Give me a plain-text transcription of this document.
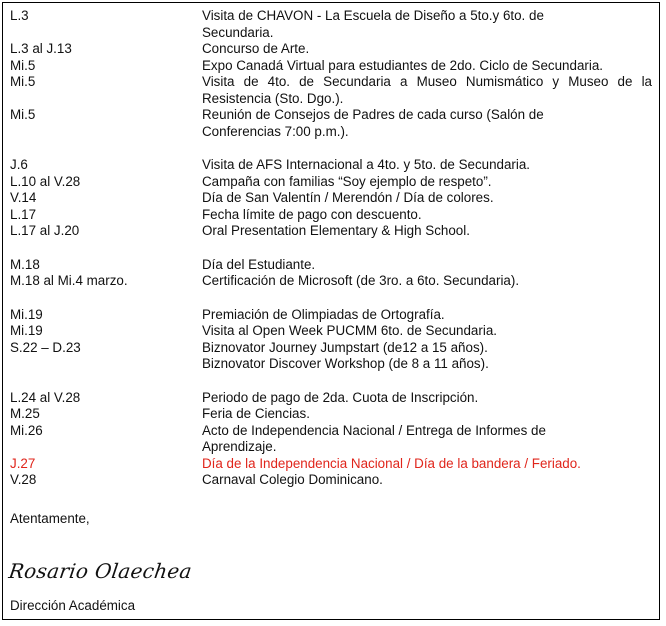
L.3	Visita de CHAVON - La Escuela de Diseño a 5to.y 6to. de
Secundaria.
L.3 al J.13	Concurso de Arte.
Mi.5	Expo Canadá Virtual para estudiantes de 2do. Ciclo de Secundaria.
Mi.5	Visita de 4to. de Secundaria a Museo Numismático y Museo de la
Resistencia (Sto. Dgo.).
Mi.5	Reunión de Consejos de Padres de cada curso (Salón de
Conferencias 7:00 p.m.).
J.6	Visita de AFS Internacional a 4to. y 5to. de Secundaria.
L.10 al V.28	Campaña con familias “Soy ejemplo de respeto”.
V.14	Día de San Valentín / Merendón / Día de colores.
L.17	Fecha límite de pago con descuento.
L.17 al J.20	Oral Presentation Elementary & High School.
M.18	Día del Estudiante.
M.18 al Mi.4 marzo.	Certificación de Microsoft (de 3ro. a 6to. Secundaria).
Mi.19	Premiación de Olimpiadas de Ortografía.
Mi.19	Visita al Open Week PUCMM 6to. de Secundaria.
S.22 – D.23	Biznovator Journey Jumpstart (de12 a 15 años).
Biznovator Discover Workshop (de 8 a 11 años).
L.24 al V.28	Periodo de pago de 2da. Cuota de Inscripción.
M.25	Feria de Ciencias.
Mi.26	Acto de Independencia Nacional / Entrega de Informes de
Aprendizaje.
J.27	Día de la Independencia Nacional / Día de la bandera / Feriado.
V.28	Carnaval Colegio Dominicano.
Atentamente,
Rosario Olaechea
Dirección Académica
